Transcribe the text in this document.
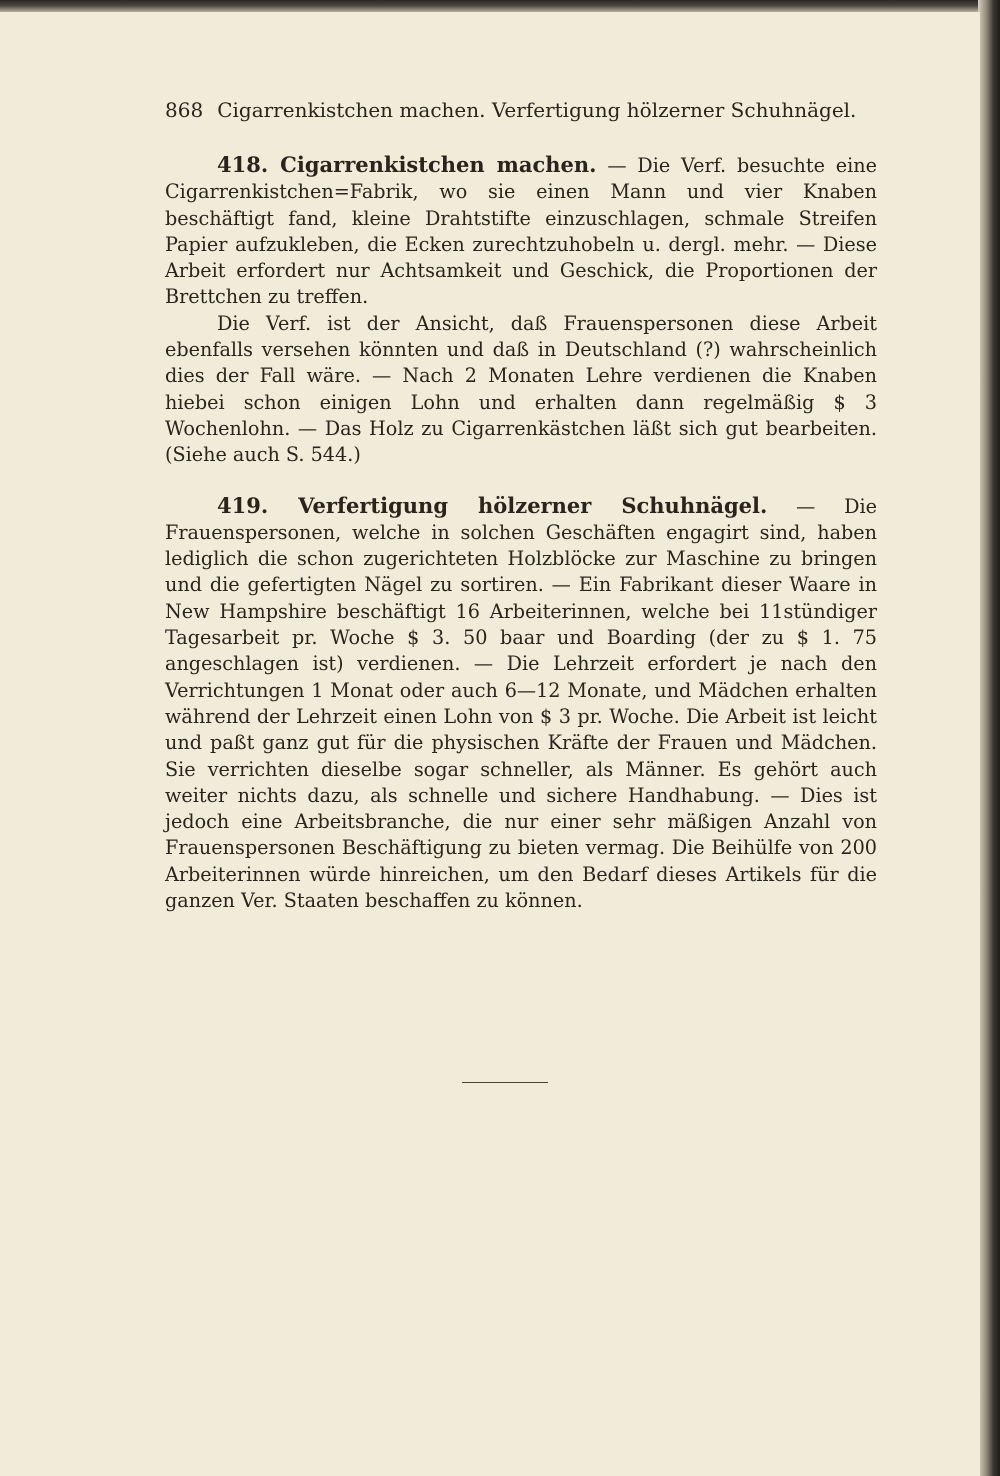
868 Cigarrenkistchen machen. Verfertigung hölzerner Schuhnägel.

418. Cigarrenkistchen machen. — Die Verf. besuchte eine Cigarrenkistchen=Fabrik, wo sie einen Mann und vier Knaben beschäftigt fand, kleine Drahtstifte einzuschlagen, schmale Streifen Papier aufzukleben, die Ecken zurechtzuhobeln u. dergl. mehr. — Diese Arbeit erfordert nur Achtsamkeit und Geschick, die Proportionen der Brettchen zu treffen.

Die Verf. ist der Ansicht, daß Frauenspersonen diese Arbeit ebenfalls versehen könnten und daß in Deutschland (?) wahrscheinlich dies der Fall wäre. — Nach 2 Monaten Lehre verdienen die Knaben hiebei schon einigen Lohn und erhalten dann regelmäßig $ 3 Wochenlohn. — Das Holz zu Cigarrenkästchen läßt sich gut bearbeiten. (Siehe auch S. 544.)

419. Verfertigung hölzerner Schuhnägel. — Die Frauenspersonen, welche in solchen Geschäften engagirt sind, haben lediglich die schon zugerichteten Holzblöcke zur Maschine zu bringen und die gefertigten Nägel zu sortiren. — Ein Fabrikant dieser Waare in New Hampshire beschäftigt 16 Arbeiterinnen, welche bei 11stündiger Tagesarbeit pr. Woche $ 3. 50 baar und Boarding (der zu $ 1. 75 angeschlagen ist) verdienen. — Die Lehrzeit erfordert je nach den Verrichtungen 1 Monat oder auch 6—12 Monate, und Mädchen erhalten während der Lehrzeit einen Lohn von $ 3 pr. Woche. Die Arbeit ist leicht und paßt ganz gut für die physischen Kräfte der Frauen und Mädchen. Sie verrichten dieselbe sogar schneller, als Männer. Es gehört auch weiter nichts dazu, als schnelle und sichere Handhabung. — Dies ist jedoch eine Arbeitsbranche, die nur einer sehr mäßigen Anzahl von Frauenspersonen Beschäftigung zu bieten vermag. Die Beihülfe von 200 Arbeiterinnen würde hinreichen, um den Bedarf dieses Artikels für die ganzen Ver. Staaten beschaffen zu können.
